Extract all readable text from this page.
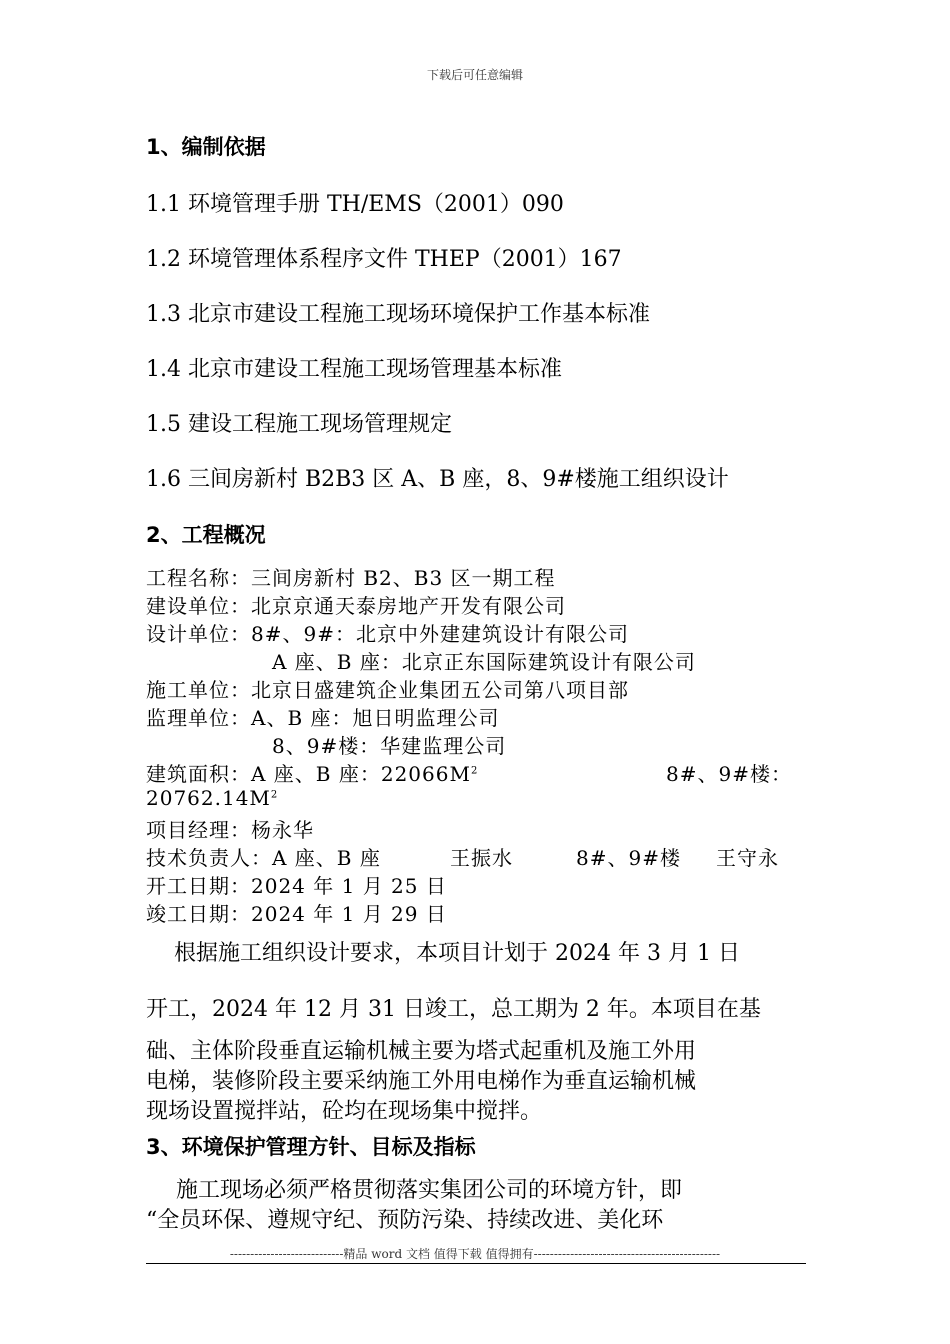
下载后可任意编辑
1、编制依据
1.1 环境管理手册 TH/EMS（2001）090
1.2 环境管理体系程序文件 THEP（2001）167
1.3 北京市建设工程施工现场环境保护工作基本标准
1.4 北京市建设工程施工现场管理基本标准
1.5 建设工程施工现场管理规定
1.6 三间房新村 B2B3 区 A、B 座，8、9#楼施工组织设计
2、工程概况
工程名称：三间房新村 B2、B3 区一期工程
建设单位：北京京通天泰房地产开发有限公司
设计单位：8#、9#：北京中外建建筑设计有限公司
A 座、B 座：北京正东国际建筑设计有限公司
施工单位：北京日盛建筑企业集团五公司第八项目部
监理单位：A、B 座：旭日明监理公司
8、9#楼：华建监理公司
建筑面积：A 座、B 座：$22066M^2$	8#、9#楼：
$20762.14M^2$
项目经理：杨永华
技术负责人：A 座、B 座	王振水	8#、9#楼 王守永
开工日期：2024 年 1 月 25 日
竣工日期：2024 年 1 月 29 日
根据施工组织设计要求，本项目计划于 2024 年 3 月 1 日
开工，2024 年 12 月 31 日竣工，总工期为 2 年。本项目在基
础、主体阶段垂直运输机械主要为塔式起重机及施工外用
电梯，装修阶段主要采纳施工外用电梯作为垂直运输机械
现场设置搅拌站，砼均在现场集中搅拌。
3、环境保护管理方针、目标及指标
施工现场必须严格贯彻落实集团公司的环境方针，即
“全员环保、遵规守纪、预防污染、持续改进、美化环
----------------------------精品 word 文档 值得下载 值得拥有----------------------------------------------
